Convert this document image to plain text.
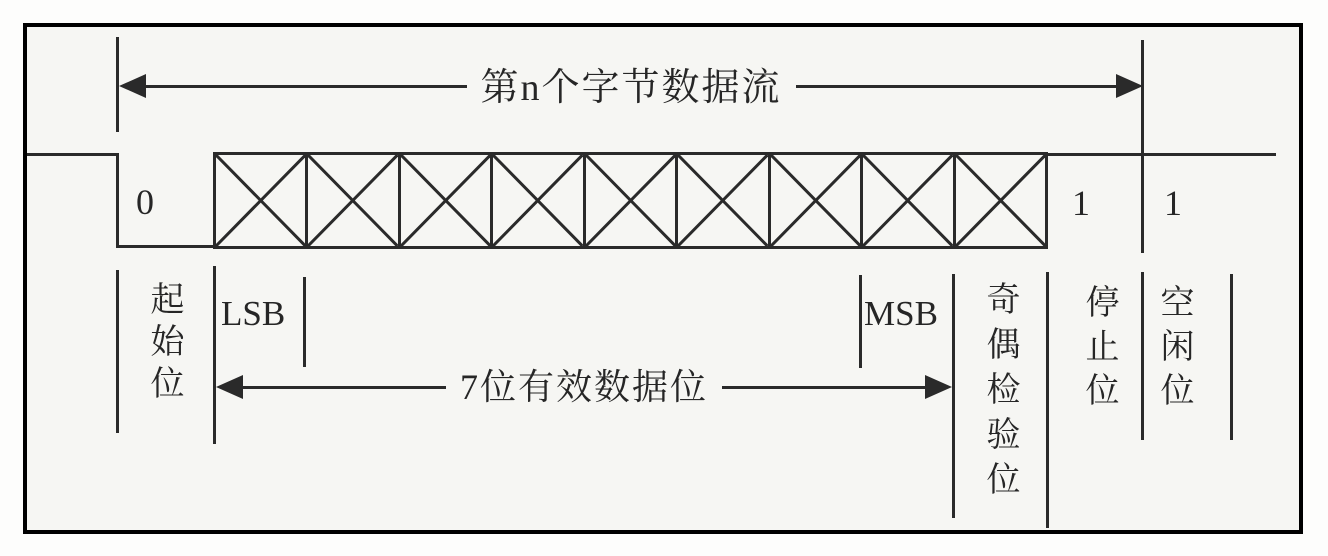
第n个字节数据流
0	1 1
起始位 LSB	MSB 奇偶检验位 停止位 空闲位
7位有效数据位
